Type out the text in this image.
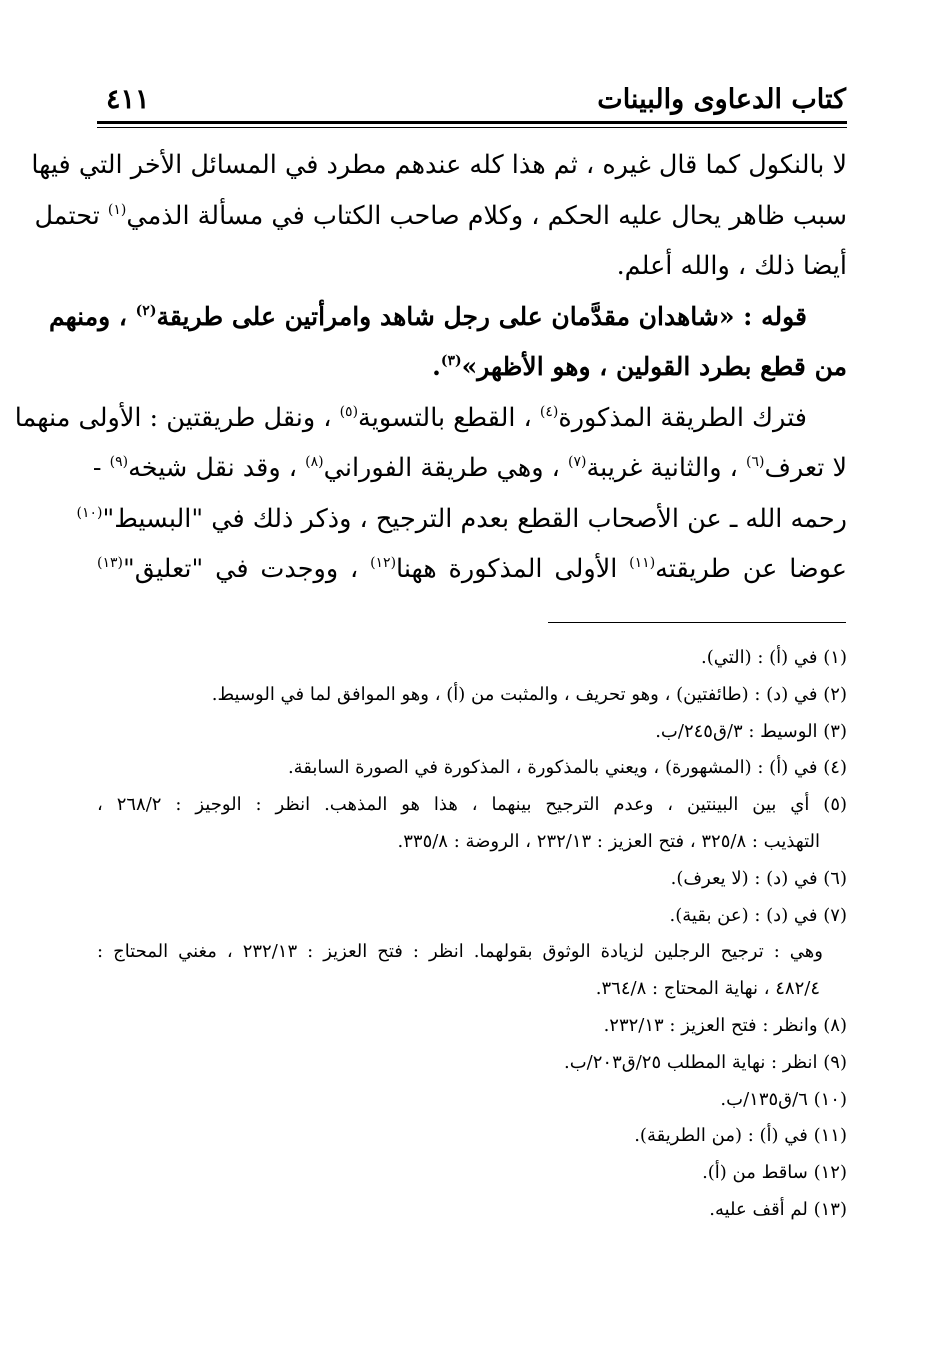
كتاب الدعاوى والبينات
٤١١
لا بالنكول كما قال غيره ، ثم هذا كله عندهم مطرد في المسائل الأخر التي فيها
سبب ظاهر يحال عليه الحكم ، وكلام صاحب الكتاب في مسألة الذمي$^{(١)}$ تحتمل
أيضا ذلك ، والله أعلم.
قوله : «شاهدان مقدَّمان على رجل شاهد وامرأتين على طريقة$^{(٢)}$ ، ومنهم
من قطع بطرد القولين ، وهو الأظهر»$^{(٣)}$.
فترك الطريقة المذكورة$^{(٤)}$ ، القطع بالتسوية$^{(٥)}$ ، ونقل طريقتين : الأولى منهما
لا تعرف$^{(٦)}$ ، والثانية غريبة$^{(٧)}$ ، وهي طريقة الفوراني$^{(٨)}$ ، وقد نقل شيخه$^{(٩)}$ -
رحمه الله ـ عن الأصحاب القطع بعدم الترجيح ، وذكر ذلك في "البسيط"$^{(١٠)}$
عوضا عن طريقته$^{(١١)}$ الأولى المذكورة ههنا$^{(١٢)}$ ، ووجدت في "تعليق"$^{(١٣)}$
(١) في (أ) : (التي).
(٢) في (د) : (طائفتين) ، وهو تحريف ، والمثبت من (أ) ، وهو الموافق لما في الوسيط.
(٣) الوسيط : ٣/ق٢٤٥/ب.
(٤) في (أ) : (المشهورة) ، ويعني بالمذكورة ، المذكورة في الصورة السابقة.
(٥) أي بين البينتين ، وعدم الترجيح بينهما ، هذا هو المذهب. انظر : الوجيز : ٢٦٨/٢ ،
التهذيب : ٣٢٥/٨ ، فتح العزيز : ٢٣٢/١٣ ، الروضة : ٣٣٥/٨.
(٦) في (د) : (لا يعرف).
(٧) في (د) : (عن بقية).
وهي : ترجيح الرجلين لزيادة الوثوق بقولهما. انظر : فتح العزيز : ٢٣٢/١٣ ، مغني المحتاج :
٤٨٢/٤ ، نهاية المحتاج : ٣٦٤/٨.
(٨) وانظر : فتح العزيز : ٢٣٢/١٣.
(٩) انظر : نهاية المطلب ٢٥/ق٢٠٣/ب.
(١٠) ٦/ق١٣٥/ب.
(١١) في (أ) : (من الطريقة).
(١٢) ساقط من (أ).
(١٣) لم أقف عليه.
